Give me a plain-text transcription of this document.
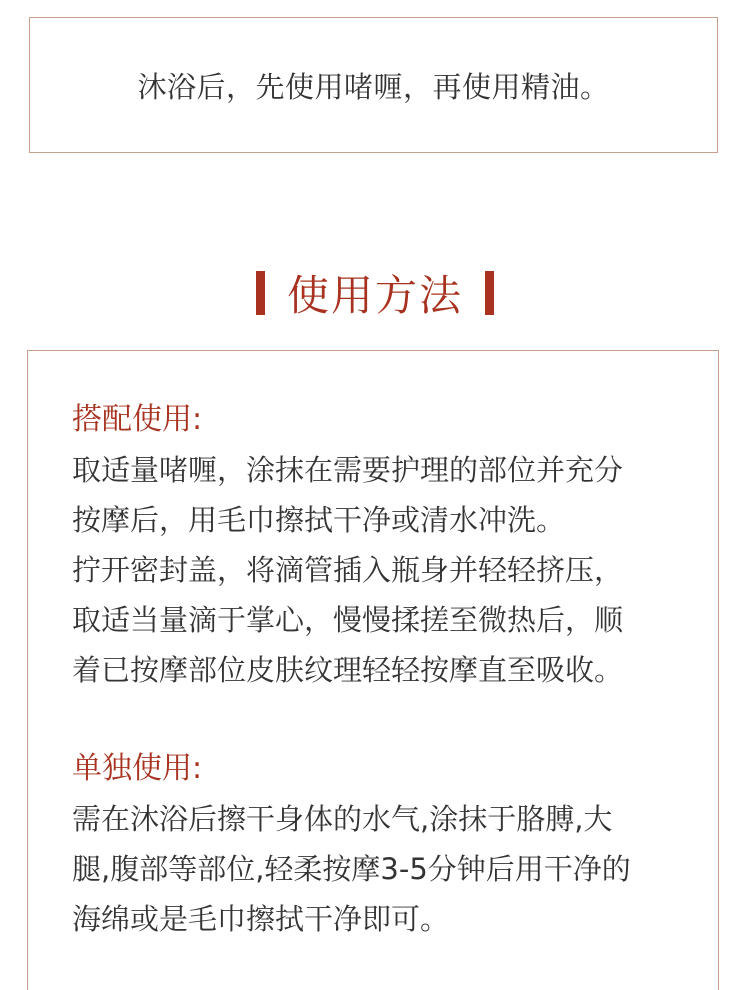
沐浴后，先使用啫喱，再使用精油。
使用方法
搭配使用:
取适量啫喱，涂抹在需要护理的部位并充分
按摩后，用毛巾擦拭干净或清水冲洗。
拧开密封盖，将滴管插入瓶身并轻轻挤压，
取适当量滴于掌心，慢慢揉搓至微热后，顺
着已按摩部位皮肤纹理轻轻按摩直至吸收。
单独使用:
需在沐浴后擦干身体的水气,涂抹于胳膊,大
腿,腹部等部位,轻柔按摩3-5分钟后用干净的
海绵或是毛巾擦拭干净即可。
